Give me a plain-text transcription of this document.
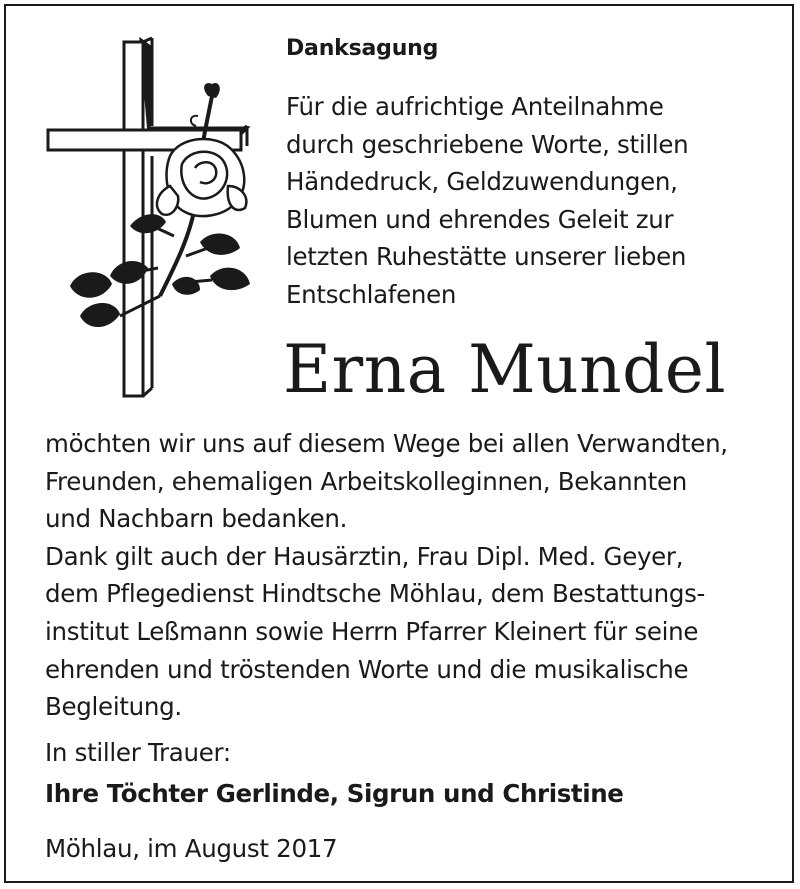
Danksagung
Für die aufrichtige Anteilnahme
durch geschriebene Worte, stillen
Händedruck, Geldzuwendungen,
Blumen und ehrendes Geleit zur
letzten Ruhestätte unserer lieben
Entschlafenen
Erna Mundel
möchten wir uns auf diesem Wege bei allen Verwandten,
Freunden, ehemaligen Arbeitskolleginnen, Bekannten
und Nachbarn bedanken.
Dank gilt auch der Hausärztin, Frau Dipl. Med. Geyer,
dem Pflegedienst Hindtsche Möhlau, dem Bestattungs-
institut Leßmann sowie Herrn Pfarrer Kleinert für seine
ehrenden und tröstenden Worte und die musikalische
Begleitung.
In stiller Trauer:
Ihre Töchter Gerlinde, Sigrun und Christine
Möhlau, im August 2017
